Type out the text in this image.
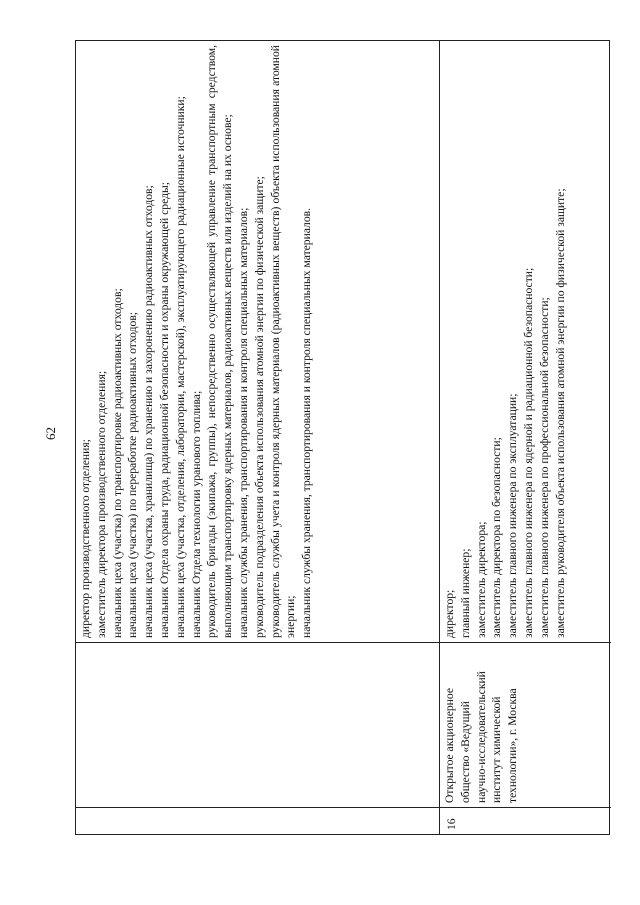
62
директор производственного отделения; заместитель директора производственного отделения; начальник цеха (участка) по транспортировке радиоактивных отходов; начальник цеха (участка) по переработке радиоактивных отходов; начальник цеха (участка, хранилища) по хранению и захоронению радиоактивных отходов; начальник Отдела охраны труда, радиационной безопасности и охраны окружающей среды; начальник цеха (участка, отделения, лаборатории, мастерской), эксплуатирующего радиационные источники; начальник Отдела технологии уранового топлива; руководитель бригады (экипажа, группы), непосредственно осуществляющей управление транспортным средством, выполняющим транспортировку ядерных материалов, радиоактивных веществ или изделий на их основе; начальник службы хранения, транспортирования и контроля специальных материалов; руководитель подразделения объекта использования атомной энергии по физической защите; руководитель службы учета и контроля ядерных материалов (радиоактивных веществ) объекта использования атомной энергии; начальник службы хранения, транспортирования и контроля специальных материалов.
16
Открытое акционерное общество «Ведущий научно-исследовательский институт химической технологии», г. Москва
директор; главный инженер; заместитель директора; заместитель директора по безопасности; заместитель главного инженера по эксплуатации; заместитель главного инженера по ядерной и радиационной безопасности; заместитель главного инженера по профессиональной безопасности; заместитель руководителя объекта использования атомной энергии по физической защите;
